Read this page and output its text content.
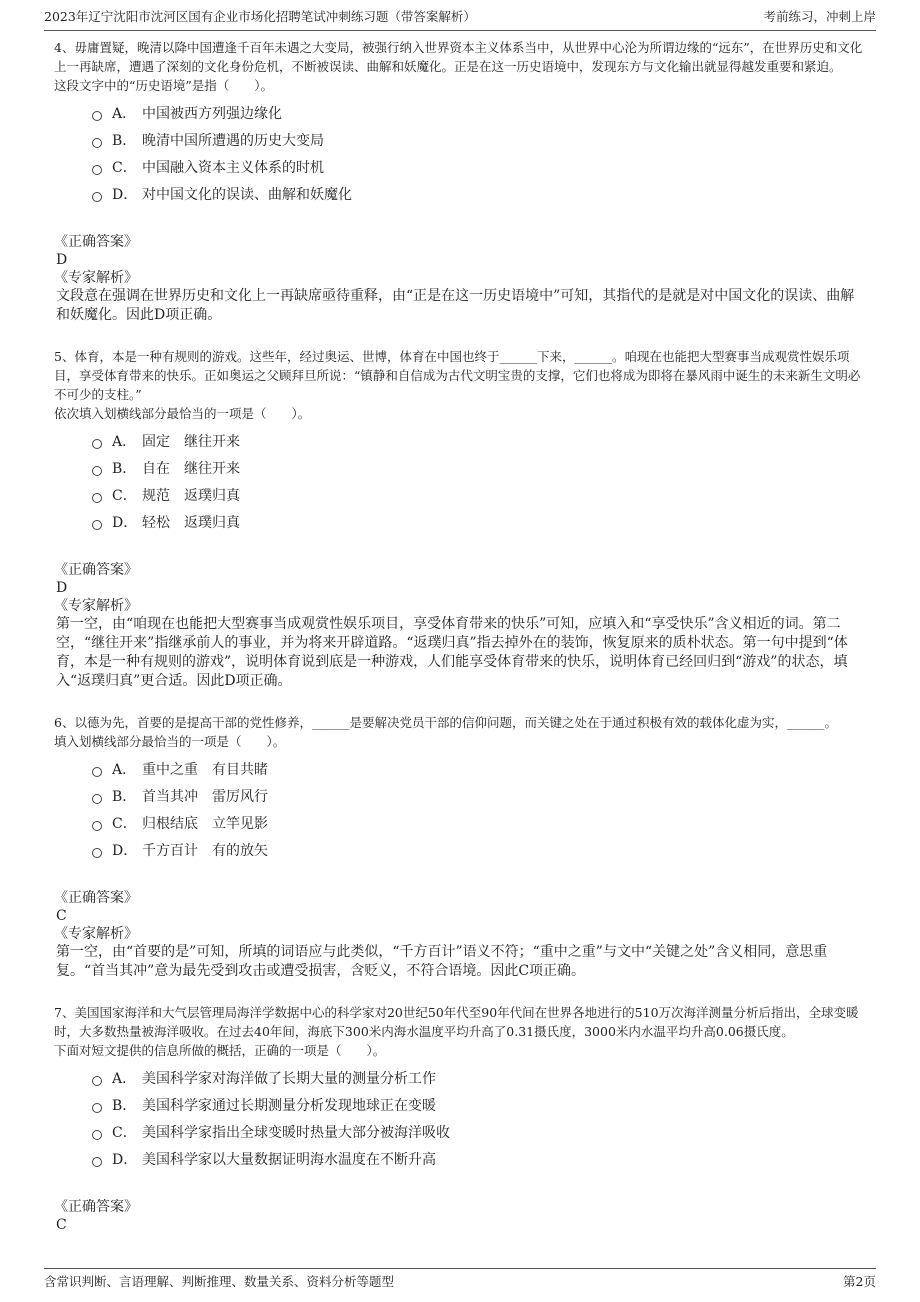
2023年辽宁沈阳市沈河区国有企业市场化招聘笔试冲刺练习题（带答案解析）	考前练习，冲刺上岸

4、毋庸置疑，晚清以降中国遭逢千百年未遇之大变局，被强行纳入世界资本主义体系当中，从世界中心沦为所谓边缘的“远东”，在世界历史和文化上一再缺席，遭遇了深刻的文化身份危机，不断被误读、曲解和妖魔化。正是在这一历史语境中，发现东方与文化输出就显得越发重要和紧迫。

这段文字中的“历史语境”是指（　　）。

A． 中国被西方列强边缘化
B． 晚清中国所遭遇的历史大变局
C． 中国融入资本主义体系的时机
D． 对中国文化的误读、曲解和妖魔化
《正确答案》
D
《专家解析》

文段意在强调在世界历史和文化上一再缺席亟待重释，由“正是在这一历史语境中”可知，其指代的是就是对中国文化的误读、曲解和妖魔化。因此D项正确。

5、体育，本是一种有规则的游戏。这些年，经过奥运、世博，体育在中国也终于______下来，______。咱现在也能把大型赛事当成观赏性娱乐项目，享受体育带来的快乐。正如奥运之父顾拜旦所说：“镇静和自信成为古代文明宝贵的支撑，它们也将成为即将在暴风雨中诞生的未来新生文明必不可少的支柱。”

依次填入划横线部分最恰当的一项是（　　）。

A． 固定　继往开来
B． 自在　继往开来
C． 规范　返璞归真
D． 轻松　返璞归真
《正确答案》
D
《专家解析》

第一空，由“咱现在也能把大型赛事当成观赏性娱乐项目，享受体育带来的快乐”可知，应填入和“享受快乐”含义相近的词。第二空，“继往开来”指继承前人的事业，并为将来开辟道路。“返璞归真”指去掉外在的装饰，恢复原来的质朴状态。第一句中提到“体育，本是一种有规则的游戏”，说明体育说到底是一种游戏，人们能享受体育带来的快乐，说明体育已经回归到“游戏”的状态，填入“返璞归真”更合适。因此D项正确。

6、以德为先，首要的是提高干部的党性修养，______是要解决党员干部的信仰问题，而关键之处在于通过积极有效的载体化虚为实，______。

填入划横线部分最恰当的一项是（　　）。

A． 重中之重　有目共睹
B． 首当其冲　雷厉风行
C． 归根结底　立竿见影
D． 千方百计　有的放矢
《正确答案》
C
《专家解析》

第一空，由“首要的是”可知，所填的词语应与此类似，“千方百计”语义不符；“重中之重”与文中“关键之处”含义相同，意思重复。“首当其冲”意为最先受到攻击或遭受损害，含贬义，不符合语境。因此C项正确。

7、美国国家海洋和大气层管理局海洋学数据中心的科学家对20世纪50年代至90年代间在世界各地进行的510万次海洋测量分析后指出，全球变暖时，大多数热量被海洋吸收。在过去40年间，海底下300米内海水温度平均升高了0.31摄氏度，3000米内水温平均升高0.06摄氏度。

下面对短文提供的信息所做的概括，正确的一项是（　　）。

A． 美国科学家对海洋做了长期大量的测量分析工作
B． 美国科学家通过长期测量分析发现地球正在变暖
C． 美国科学家指出全球变暖时热量大部分被海洋吸收
D． 美国科学家以大量数据证明海水温度在不断升高
《正确答案》
C
含常识判断、言语理解、判断推理、数量关系、资料分析等题型	第2页
